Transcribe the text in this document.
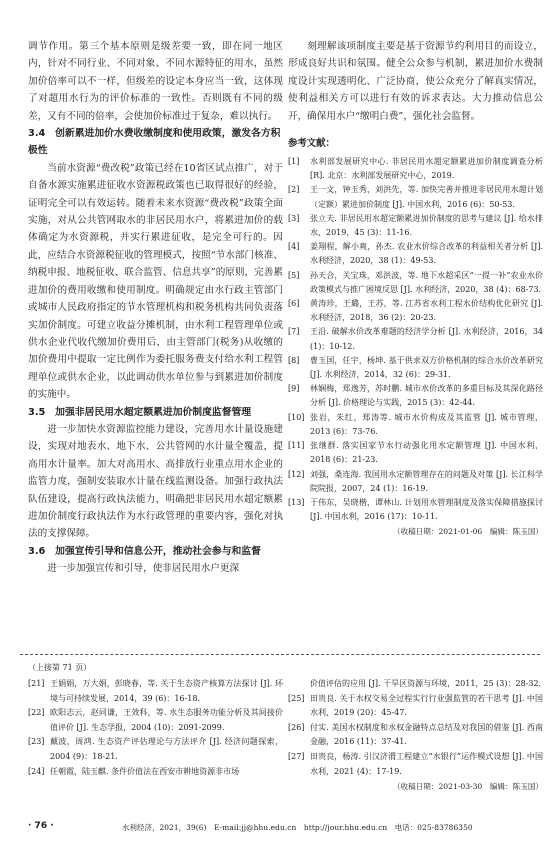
调节作用。第三个基本原则是级差要一致，即在同一地区内，针对不同行业、不同对象、不同水源特征的用水，虽然加价倍率可以不一样，但级差的设定本身应当一致，这体现了对超用水行为的评价标准的一致性。否则既有不同的级差，又有不同的倍率，会使加价标准过于复杂，难以执行。

3.4　创新累进加价水费收缴制度和使用政策，激发各方积极性

当前水资源“费改税”政策已经在10省区试点推广，对于自备水源实施累进征收水资源税政策也已取得很好的经验，证明完全可以有效运转。随着未来水资源“费改税”政策全面实施，对从公共管网取水的非居民用水户，将累进加价的载体确定为水资源税，并实行累进征收，是完全可行的。因此，应结合水资源税征收的管理模式，按照“节水部门核准、纳税申报、地税征收、联合监管、信息共享”的原则，完善累进加价的费用收缴和使用制度。明确规定由水行政主管部门或城市人民政府指定的节水管理机构和税务机构共同负责落实加价制度。可建立收益分摊机制，由水利工程管理单位或供水企业代收代缴加价费用后，由主管部门(税务)从收缴的加价费用中提取一定比例作为委托服务费支付给水利工程管理单位或供水企业，以此调动供水单位参与到累进加价制度的实施中。

3.5　加强非居民用水超定额累进加价制度监督管理

进一步加快水资源监控能力建设，完善用水计量设施建设，实现对地表水、地下水、公共管网的水计量全覆盖，提高用水计量率。加大对高用水、高排放行业重点用水企业的监管力度，强制安装取水计量在线监测设备。加强行政执法队伍建设，提高行政执法能力，明确把非居民用水超定额累进加价制度行政执法作为水行政管理的重要内容，强化对执法的支撑保障。

3.6　加强宣传引导和信息公开，推动社会参与和监督

进一步加强宣传和引导，使非居民用水户更深

刻理解该项制度主要是基于资源节约利用目的而设立，形成良好共识和氛围。健全公众参与机制，累进加价水费制度设计实现透明化、广泛协商，使公众充分了解真实情况，使利益相关方可以进行有效的诉求表达。大力推动信息公开，确保用水户“缴明白费”，强化社会监督。

参考文献：
[1]	水利部发展研究中心. 非居民用水超定额累进加价制度调查分析 [R]. 北京：水利部发展研究中心，2019.
[2]	王一文，钟玉秀，刘洪先，等. 加快完善并推进非居民用水超计划（定额）累进加价制度 [J]. 中国水利，2016 (6)：50-53.
[3]	张立夫. 非居民用水超定额累进加价制度的思考与建议 [J]. 给水排水，2019，45 (3)：11-16.
[4]	姜翔程，解小爽，孙杰. 农业水价综合改革的利益相关者分析 [J]. 水利经济，2020，38 (1)：49-53.
[5]	孙天合，关宝珠，邓洪波，等. 地下水超采区“一提一补”农业水价政策模式与推广困境反思 [J]. 水利经济，2020，38 (4)：68-73.
[6]	黄涛珍，王璐，王苏，等. 江苏省水利工程水价结构优化研究 [J]. 水利经济，2018，36 (2)：20-23.
[7]	王沿. 破解水价改革难题的经济学分析 [J]. 水利经济，2016，34 (1)：10-12.
[8]	曹玉国，任宇，杨坤. 基于供求双方价格机制的综合水价改革研究 [J]. 水利经济，2014，32 (6)：29-31.
[9]	林娴梅，郑逸芳，苏时鹏. 城市水价改革的多重目标及其深化路径分析 [J]. 价格理论与实践，2015 (3)：42-44.
[10] 张岩，朱红，郑涛等. 城市水价构成及其监管 [J]. 城市管理，2013 (6)：73-76.
[11] 张继群. 落实国家节水行动强化用水定额管理 [J]. 中国水利，2018 (6)：21-23.
[12] 刘强，桑连海. 我国用水定额管理存在的问题及对策 [J]. 长江科学院院报，2007，24 (1)：16-19.
[13] 于伟东，吴晓楷，谭林山. 计划用水管理制度及落实保障措施探讨 [J]. 中国水利，2016 (17)：10-11.
（收稿日期：2021-01-06　编辑：陈玉国）
（上接第 71 页）
[21] 王娟娟，万大娟，彭晓春，等. 关于生态资产核算方法探讨 [J]. 环境与可持续发展，2014，39 (6)：16-18.
[22] 欧阳志云，赵同谦，王效科，等. 水生态服务功能分析及其间接价值评价 [J]. 生态学报，2004 (10)：2091-2099.
[23] 戴波，周鸿. 生态资产评估理论与方法评介 [J]. 经济问题探索，2004 (9)：18-21.
[24] 任朝霞，陆玉麒. 条件价值法在西安市耕地资源非市场
价值评估的应用 [J]. 干旱区资源与环境，2011，25 (3)：28-32.
[25] 田贵良. 关于水权交易全过程实行行业强监管的若干思考 [J]. 中国水利，2019 (20)：45-47.
[26] 付实. 美国水权制度和水权金融特点总结及对我国的借鉴 [J]. 西南金融，2016 (11)：37-41.
[27] 田贵良，杨涛. 引汉济渭工程建立“水银行”运作模式设想 [J]. 中国水利，2021 (4)：17-19.
（收稿日期：2021-03-30　编辑：陈玉国）
· 76 ·	水利经济，2021，39(6)　E-mail:jj@hhu.edu.cn　http://jour.hhu.edu.cn　电话：025-83786350
